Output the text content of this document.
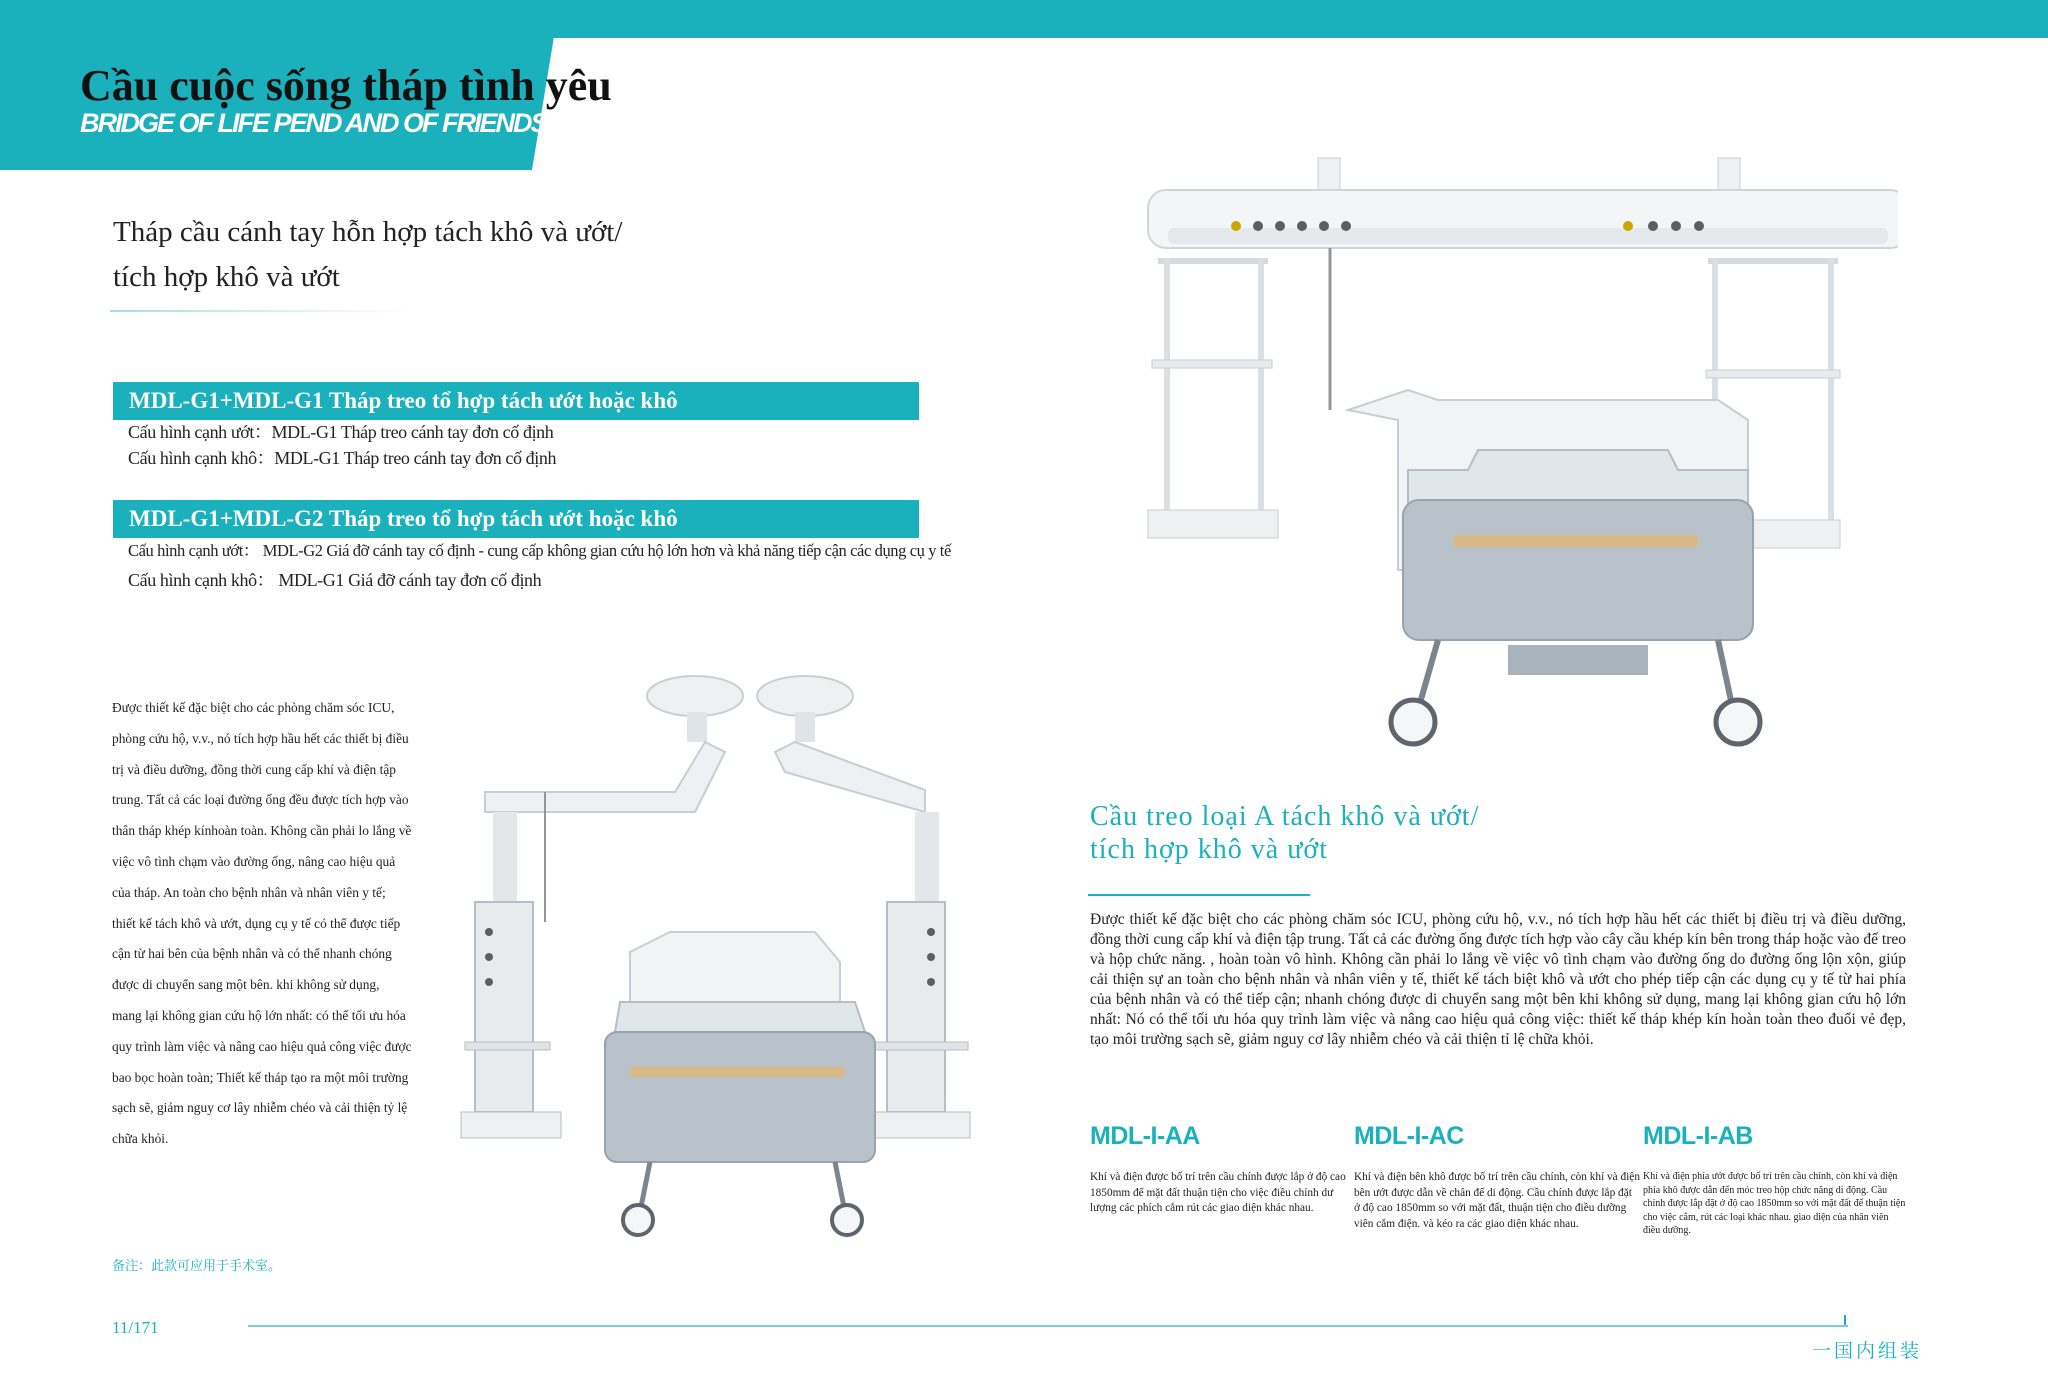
Cầu cuộc sống tháp tình yêu
BRIDGE OF LIFE PEND AND OF FRIENDSHIP
Tháp cầu cánh tay hỗn hợp tách khô và ướt/
tích hợp khô và ướt
MDL-G1+MDL-G1 Tháp treo tổ hợp tách ướt hoặc khô
Cấu hình cạnh ướt：MDL-G1 Tháp treo cánh tay đơn cố định
Cấu hình cạnh khô：MDL-G1 Tháp treo cánh tay đơn cố định
MDL-G1+MDL-G2 Tháp treo tổ hợp tách ướt hoặc khô
Cấu hình cạnh ướt： MDL-G2 Giá đỡ cánh tay cố định - cung cấp không gian cứu hộ lớn hơn và khả năng tiếp cận các dụng cụ y tế
Cấu hình cạnh khô： MDL-G1 Giá đỡ cánh tay đơn cố định
Được thiết kế đặc biệt cho các phòng chăm sóc ICU, phòng cứu hộ, v.v., nó tích hợp hầu hết các thiết bị điều trị và điều dưỡng, đồng thời cung cấp khí và điện tập trung. Tất cả các loại đường ống đều được tích hợp vào thân tháp khép kínhoàn toàn. Không cần phải lo lắng về việc vô tình chạm vào đường ống, nâng cao hiệu quả của tháp. An toàn cho bệnh nhân và nhân viên y tế; thiết kế tách khô và ướt, dụng cụ y tế có thể được tiếp cận từ hai bên của bệnh nhân và có thể nhanh chóng được di chuyển sang một bên. khi không sử dụng, mang lại không gian cứu hộ lớn nhất: có thể tối ưu hóa quy trình làm việc và nâng cao hiệu quả công việc được bao bọc hoàn toàn; Thiết kế tháp tạo ra một môi trường sạch sẽ, giảm nguy cơ lây nhiễm chéo và cải thiện tỷ lệ chữa khỏi.
Cầu treo loại A tách khô và ướt/
tích hợp khô và ướt
Được thiết kế đặc biệt cho các phòng chăm sóc ICU, phòng cứu hộ, v.v., nó tích hợp hầu hết các thiết bị điều trị và điều dưỡng, đồng thời cung cấp khí và điện tập trung. Tất cả các đường ống được tích hợp vào cây cầu khép kín bên trong tháp hoặc vào đế treo và hộp chức năng. , hoàn toàn vô hình. Không cần phải lo lắng về việc vô tình chạm vào đường ống do đường ống lộn xộn, giúp cải thiện sự an toàn cho bệnh nhân và nhân viên y tế, thiết kế tách biệt khô và ướt cho phép tiếp cận các dụng cụ y tế từ hai phía của bệnh nhân và có thể tiếp cận; nhanh chóng được di chuyển sang một bên khi không sử dụng, mang lại không gian cứu hộ lớn nhất: Nó có thể tối ưu hóa quy trình làm việc và nâng cao hiệu quả công việc: thiết kế tháp khép kín hoàn toàn theo đuổi vẻ đẹp, tạo môi trường sạch sẽ, giảm nguy cơ lây nhiễm chéo và cải thiện tỉ lệ chữa khỏi.
MDL-I-AA
Khí và điện được bố trí trên cầu chính được lắp ở độ cao 1850mm để mặt đất thuận tiện cho việc điều chỉnh dư lượng các phích cắm rút các giao diện khác nhau.
MDL-I-AC
Khí và điện bên khô được bố trí trên cầu chính, còn khí và điện bên ướt được dẫn về chân đế di động. Cầu chính được lắp đặt ở độ cao 1850mm so với mặt đất, thuận tiện cho điều dưỡng viên cắm điện. và kéo ra các giao diện khác nhau.
MDL-I-AB
Khí và điện phía ướt được bố trí trên cầu chính, còn khí và điện phía khô được dẫn đến móc treo hộp chức năng di động. Cầu chính được lắp đặt ở độ cao 1850mm so với mặt đất để thuận tiện cho việc cắm, rút các loại khác nhau. giao diện của nhân viên điều dưỡng.
备注：此款可应用于手术室。
11/171
一国内组装
